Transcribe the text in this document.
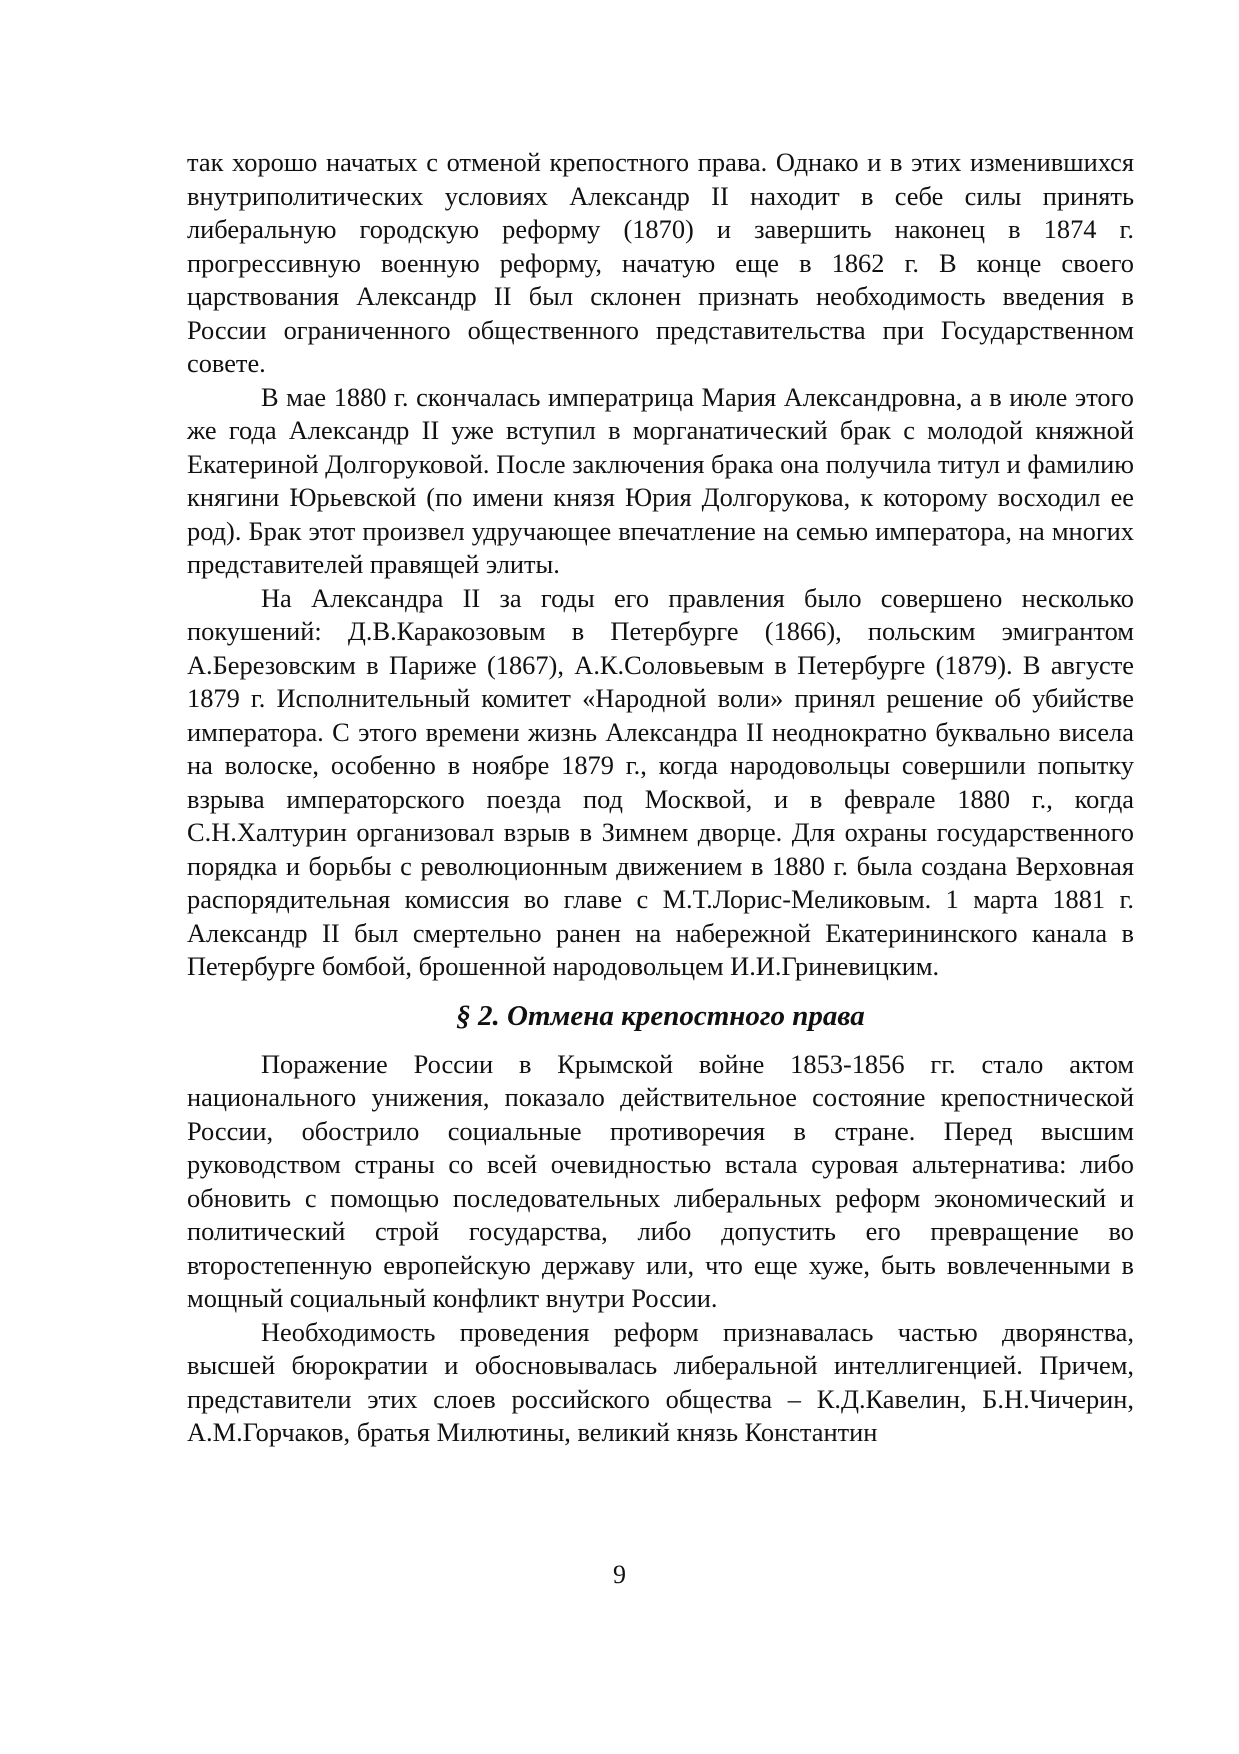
так хорошо начатых с отменой крепостного права. Однако и в этих изменившихся внутриполитических условиях Александр II находит в себе силы принять либеральную городскую реформу (1870) и завершить наконец в 1874 г. прогрессивную военную реформу, начатую еще в 1862 г. В конце своего царствования Александр II был склонен признать необходимость введения в России ограниченного общественного представительства при Государственном совете.

В мае 1880 г. скончалась императрица Мария Александровна, а в июле этого же года Александр II уже вступил в морганатический брак с молодой княжной Екатериной Долгоруковой. После заключения брака она получила титул и фамилию княгини Юрьевской (по имени князя Юрия Долгорукова, к которому восходил ее род). Брак этот произвел удручающее впечатление на семью императора, на многих представителей правящей элиты.

На Александра II за годы его правления было совершено несколько покушений: Д.В.Каракозовым в Петербурге (1866), польским эмигрантом А.Березовским в Париже (1867), А.К.Соловьевым в Петербурге (1879). В августе 1879 г. Исполнительный комитет «Народной воли» принял решение об убийстве императора. С этого времени жизнь Александра II неоднократно буквально висела на волоске, особенно в ноябре 1879 г., когда народовольцы совершили попытку взрыва императорского поезда под Москвой, и в феврале 1880 г., когда С.Н.Халтурин организовал взрыв в Зимнем дворце. Для охраны государственного порядка и борьбы с революционным движением в 1880 г. была создана Верховная распорядительная комиссия во главе с М.Т.Лорис-Меликовым. 1 марта 1881 г. Александр II был смертельно ранен на набережной Екатерининского канала в Петербурге бомбой, брошенной народовольцем И.И.Гриневицким.

§ 2. Отмена крепостного права

Поражение России в Крымской войне 1853-1856 гг. стало актом национального унижения, показало действительное состояние крепостнической России, обострило социальные противоречия в стране. Перед высшим руководством страны со всей очевидностью встала суровая альтернатива: либо обновить с помощью последовательных либеральных реформ экономический и политический строй государства, либо допустить его превращение во второстепенную европейскую державу или, что еще хуже, быть вовлеченными в мощный социальный конфликт внутри России.

Необходимость проведения реформ признавалась частью дворянства, высшей бюрократии и обосновывалась либеральной интеллигенцией. Причем, представители этих слоев российского общества – К.Д.Кавелин, Б.Н.Чичерин, А.М.Горчаков, братья Милютины, великий князь Константин

9
